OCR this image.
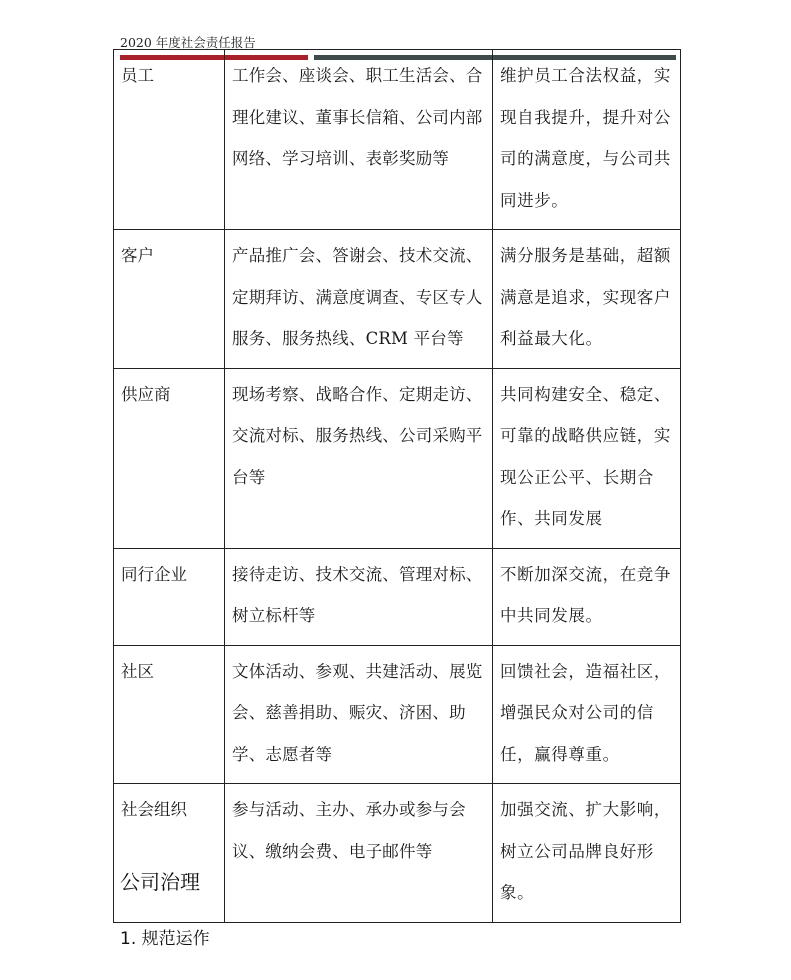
2020 年度社会责任报告
员工	工作会、座谈会、职工生活会、合理化建议、董事长信箱、公司内部网络、学习培训、表彰奖励等	维护员工合法权益，实现自我提升，提升对公司的满意度，与公司共同进步。
客户	产品推广会、答谢会、技术交流、定期拜访、满意度调查、专区专人服务、服务热线、CRM 平台等	满分服务是基础，超额满意是追求，实现客户利益最大化。
供应商	现场考察、战略合作、定期走访、交流对标、服务热线、公司采购平台等	共同构建安全、稳定、可靠的战略供应链，实现公正公平、长期合作、共同发展
同行企业	接待走访、技术交流、管理对标、树立标杆等	不断加深交流，在竞争中共同发展。
社区	文体活动、参观、共建活动、展览会、慈善捐助、赈灾、济困、助学、志愿者等	回馈社会，造福社区，增强民众对公司的信任，赢得尊重。
社会组织	参与活动、主办、承办或参与会议、缴纳会费、电子邮件等	加强交流、扩大影响，树立公司品牌良好形象。
公司治理
1. 规范运作
